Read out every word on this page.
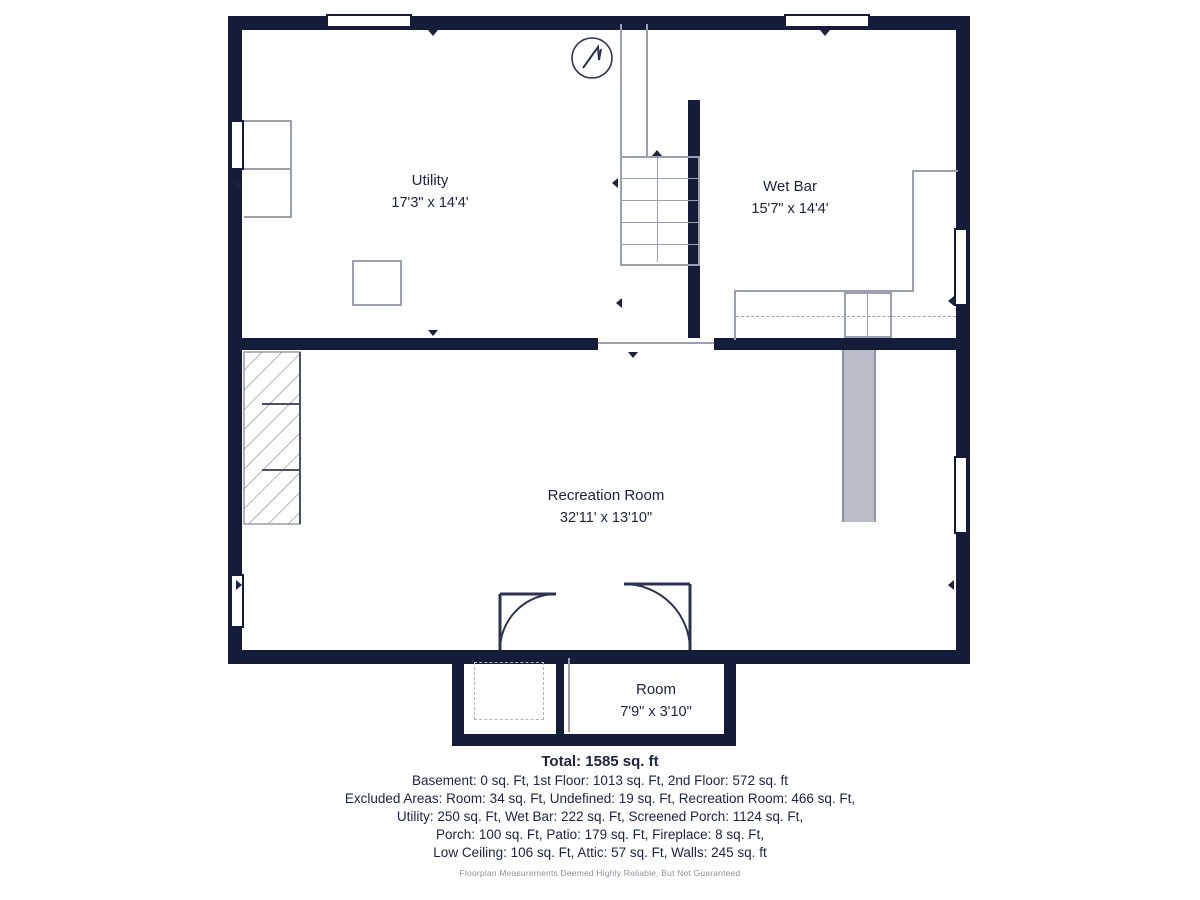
Utility
17'3" x 14'4'
Wet Bar
15'7" x 14'4'
Recreation Room
32'11' x 13'10"
Room
7'9" x 3'10"
Total: 1585 sq. ft
Basement: 0 sq. Ft, 1st Floor: 1013 sq. Ft, 2nd Floor: 572 sq. ft
Excluded Areas: Room: 34 sq. Ft, Undefined: 19 sq. Ft, Recreation Room: 466 sq. Ft,
Utility: 250 sq. Ft, Wet Bar: 222 sq. Ft, Screened Porch: 1124 sq. Ft,
Porch: 100 sq. Ft, Patio: 179 sq. Ft, Fireplace: 8 sq. Ft,
Low Ceiling: 106 sq. Ft, Attic: 57 sq. Ft, Walls: 245 sq. ft
Floorplan Measurements Deemed Highly Reliable, But Not Guaranteed
